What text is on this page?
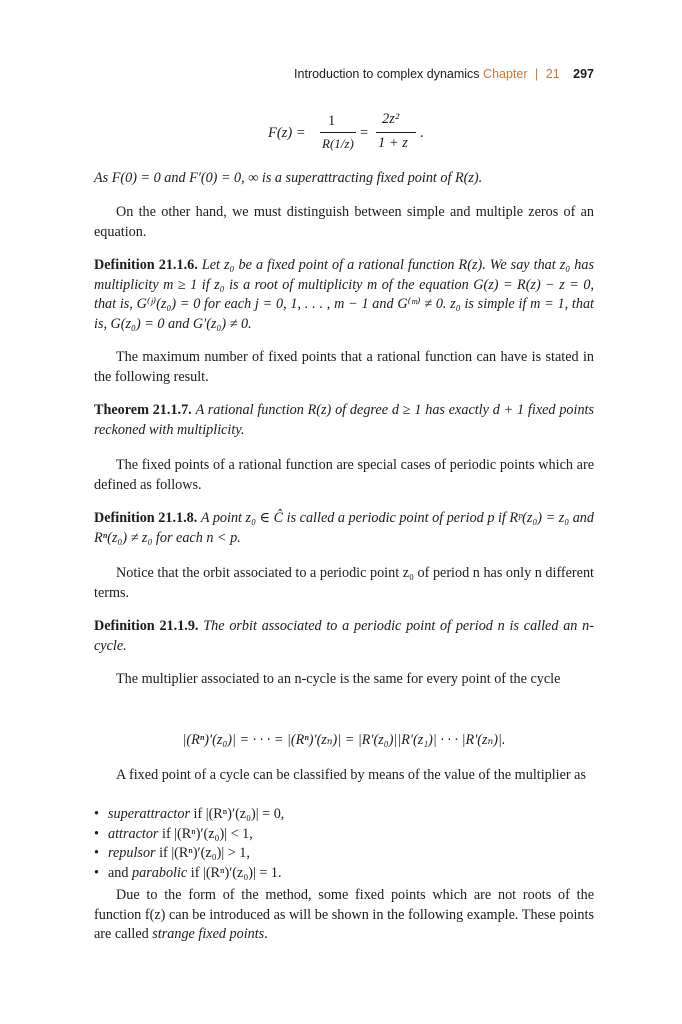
Introduction to complex dynamics Chapter | 21 297
F(z) =
1
R(1/z)
=
2z²
1 + z
.
As F(0) = 0 and F′(0) = 0, ∞ is a superattracting fixed point of R(z).
On the other hand, we must distinguish between simple and multiple zeros of an equation.
Definition 21.1.6. Let z₀ be a fixed point of a rational function R(z). We say that z₀ has multiplicity m ≥ 1 if z₀ is a root of multiplicity m of the equation G(z) = R(z) − z = 0, that is, G⁽ʲ⁾(z₀) = 0 for each j = 0, 1, . . . , m − 1 and G⁽ᵐ⁾ ≠ 0. z₀ is simple if m = 1, that is, G(z₀) = 0 and G′(z₀) ≠ 0.
The maximum number of fixed points that a rational function can have is stated in the following result.
Theorem 21.1.7. A rational function R(z) of degree d ≥ 1 has exactly d + 1 fixed points reckoned with multiplicity.
The fixed points of a rational function are special cases of periodic points which are defined as follows.
Definition 21.1.8. A point z₀ ∈ Ĉ is called a periodic point of period p if Rᵖ(z₀) = z₀ and Rⁿ(z₀) ≠ z₀ for each n < p.
Notice that the orbit associated to a periodic point z₀ of period n has only n different terms.
Definition 21.1.9. The orbit associated to a periodic point of period n is called an n-cycle.
The multiplier associated to an n-cycle is the same for every point of the cycle
|(Rⁿ)′(z₀)| = · · · = |(Rⁿ)′(zₙ)| = |R′(z₀)||R′(z₁)| · · · |R′(zₙ)|.
A fixed point of a cycle can be classified by means of the value of the multiplier as
• superattractor if |(Rⁿ)′(z₀)| = 0,
• attractor if |(Rⁿ)′(z₀)| < 1,
• repulsor if |(Rⁿ)′(z₀)| > 1,
• and parabolic if |(Rⁿ)′(z₀)| = 1.
Due to the form of the method, some fixed points which are not roots of the function f(z) can be introduced as will be shown in the following example. These points are called strange fixed points.
